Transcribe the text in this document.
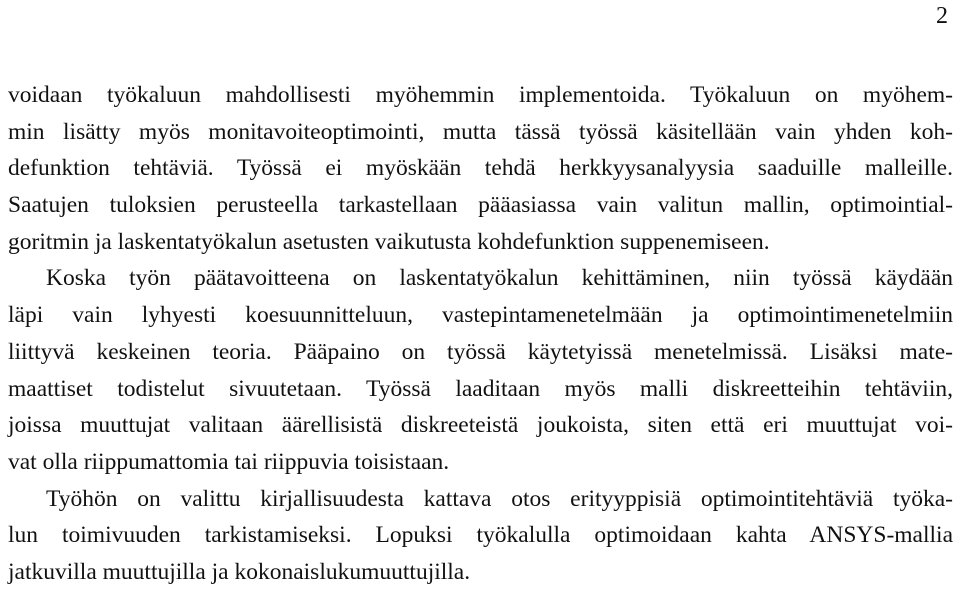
2
voidaan työkaluun mahdollisesti myöhemmin implementoida. Työkaluun on myöhem-
min lisätty myös monitavoiteoptimointi, mutta tässä työssä käsitellään vain yhden koh-
defunktion tehtäviä. Työssä ei myöskään tehdä herkkyysanalyysia saaduille malleille.
Saatujen tuloksien perusteella tarkastellaan pääasiassa vain valitun mallin, optimointial-
goritmin ja laskentatyökalun asetusten vaikutusta kohdefunktion suppenemiseen.
Koska työn päätavoitteena on laskentatyökalun kehittäminen, niin työssä käydään
läpi vain lyhyesti koesuunnitteluun, vastepintamenetelmään ja optimointimenetelmiin
liittyvä keskeinen teoria. Pääpaino on työssä käytetyissä menetelmissä. Lisäksi mate-
maattiset todistelut sivuutetaan. Työssä laaditaan myös malli diskreetteihin tehtäviin,
joissa muuttujat valitaan äärellisistä diskreeteistä joukoista, siten että eri muuttujat voi-
vat olla riippumattomia tai riippuvia toisistaan.
Työhön on valittu kirjallisuudesta kattava otos erityyppisiä optimointitehtäviä työka-
lun toimivuuden tarkistamiseksi. Lopuksi työkalulla optimoidaan kahta ANSYS-mallia
jatkuvilla muuttujilla ja kokonaislukumuuttujilla.
